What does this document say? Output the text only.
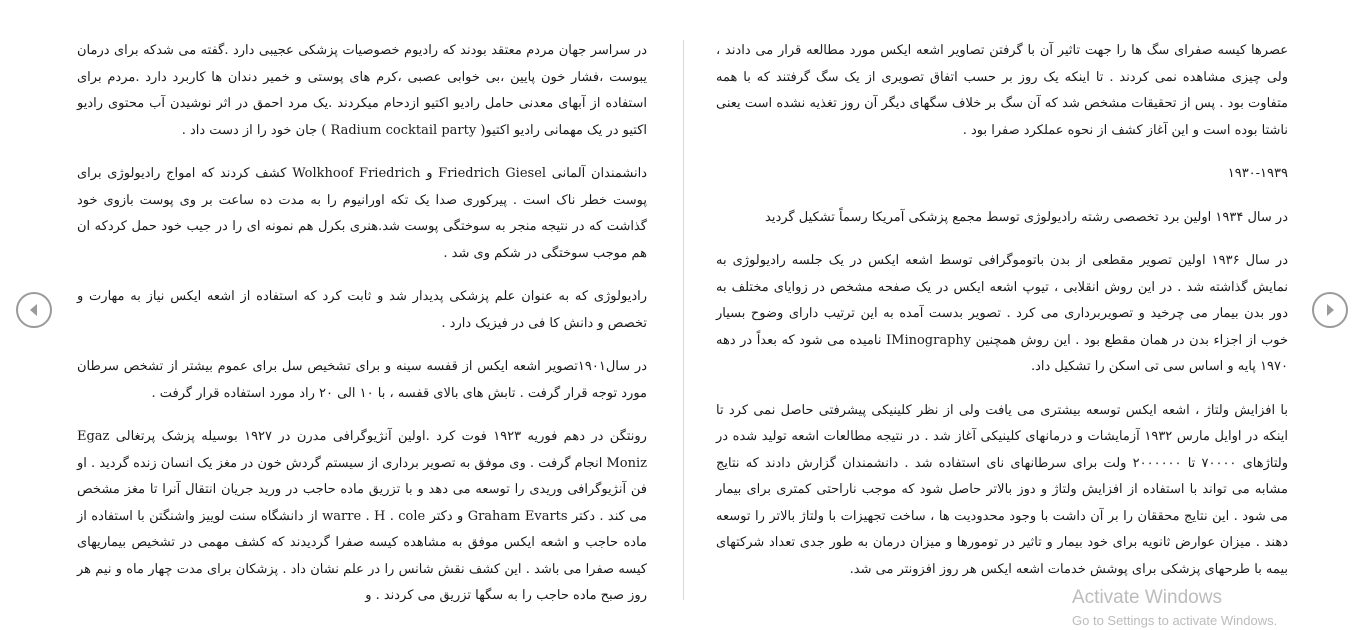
در سراسر جهان مردم معتقد بودند که رادیوم خصوصیات پزشکی عجیبی دارد .گفته می شدکه برای درمان یبوست ،فشار خون پایین ،بی خوابی عصبی ،کرم های پوستی و خمیر دندان ها کاربرد دارد .مردم برای استفاده از آبهای معدنی حامل رادیو اکتیو ازدحام میکردند .یک مرد احمق در اثر نوشیدن آب محتوی رادیو اکتیو در یک مهمانی رادیو اکتیو( Radium cocktail party ) جان خود را از دست داد .

دانشمندان آلمانی Friedrich Giesel و Wolkhoof Friedrich کشف کردند که امواج رادیولوژی برای پوست خطر ناک است . پیرکوری صدا یک تکه اورانیوم را به مدت ده ساعت بر وی پوست بازوی خود گذاشت که در نتیجه منجر به سوختگی پوست شد.هنری بکرل هم نمونه ای را در جیب خود حمل کردکه ان هم موجب سوختگی در شکم وی شد .

رادیولوژی که به عنوان علم پزشکی پدیدار شد و ثابت کرد که استفاده از اشعه ایکس نیاز به مهارت و تخصص و دانش کا فی در فیزیک دارد .

در سال۱۹۰۱تصویر اشعه ایکس از قفسه سینه و برای تشخیص سل برای عموم بیشتر از تشخص سرطان مورد توجه قرار گرفت . تابش های بالای قفسه ، با ۱۰ الی ۲۰ راد مورد استفاده قرار گرفت .

رونتگن در دهم فوریه ۱۹۲۳ فوت کرد .اولین آنژیوگرافی مدرن در ۱۹۲۷ بوسیله پزشک پرتغالی Egaz Moniz انجام گرفت . وی موفق به تصویر برداری از سیستم گردش خون در مغز یک انسان زنده گردید . او فن آنژیوگرافی وریدی را توسعه می دهد و با تزریق ماده حاجب در ورید جریان انتقال آنرا تا مغز مشخص می کند . دکتر Graham Evarts و دکتر warre . H . cole از دانشگاه سنت لوییز واشنگتن با استفاده از ماده حاجب و اشعه ایکس موفق به مشاهده کیسه صفرا گردیدند که کشف مهمی در تشخیص بیماریهای کیسه صفرا می باشد . این کشف نقش شانس را در علم نشان داد . پزشکان برای مدت چهار ماه و نیم هر روز صبح ماده حاجب را به سگها تزریق می کردند . و

عصرها کیسه صفرای سگ ها را جهت تاثیر آن با گرفتن تصاویر اشعه ایکس مورد مطالعه قرار می دادند ، ولی چیزی مشاهده نمی کردند . تا اینکه یک روز بر حسب اتفاق تصویری از یک سگ گرفتند که با همه متفاوت بود . پس از تحقیقات مشخص شد که آن سگ بر خلاف سگهای دیگر آن روز تغذیه نشده است یعنی ناشتا بوده است و این آغاز کشف از نحوه عملکرد صفرا بود .

۱۹۳۰-۱۹۳۹

در سال ۱۹۳۴ اولین برد تخصصی رشته رادیولوژی توسط مجمع پزشکی آمریکا رسماً تشکیل گردید

در سال ۱۹۳۶ اولین تصویر مقطعی از بدن باتوموگرافی توسط اشعه ایکس در یک جلسه رادیولوژی به نمایش گذاشته شد . در این روش انقلابی ، تیوپ اشعه ایکس در یک صفحه مشخص در زوایای مختلف به دور بدن بیمار می چرخید و تصویربرداری می کرد . تصویر بدست آمده به این ترتیب دارای وضوح بسیار خوب از اجزاء بدن در همان مقطع بود . این روش همچنین IMinography نامیده می شود که بعداً در دهه ۱۹۷۰ پایه و اساس سی تی اسکن را تشکیل داد.

با افزایش ولتاژ ، اشعه ایکس توسعه بیشتری می یافت ولی از نظر کلینیکی پیشرفتی حاصل نمی کرد تا اینکه در اوایل مارس ۱۹۳۲ آزمایشات و درمانهای کلینیکی آغاز شد . در نتیجه مطالعات اشعه تولید شده در ولتاژهای ۷۰۰۰۰ تا ۲۰۰۰۰۰۰ ولت برای سرطانهای نای استفاده شد . دانشمندان گزارش دادند که نتایج مشابه می تواند با استفاده از افزایش ولتاژ و دوز بالاتر حاصل شود که موجب ناراحتی کمتری برای بیمار می شود . این نتایج محققان را بر آن داشت با وجود محدودیت ها ، ساخت تجهیزات با ولتاژ بالاتر را توسعه دهند . میزان عوارض ثانویه برای خود بیمار و تاثیر در تومورها و میزان درمان به طور جدی تعداد شرکتهای بیمه با طرحهای پزشکی برای پوشش خدمات اشعه ایکس هر روز افزونتر می شد.

Activate Windows
Go to Settings to activate Windows.
